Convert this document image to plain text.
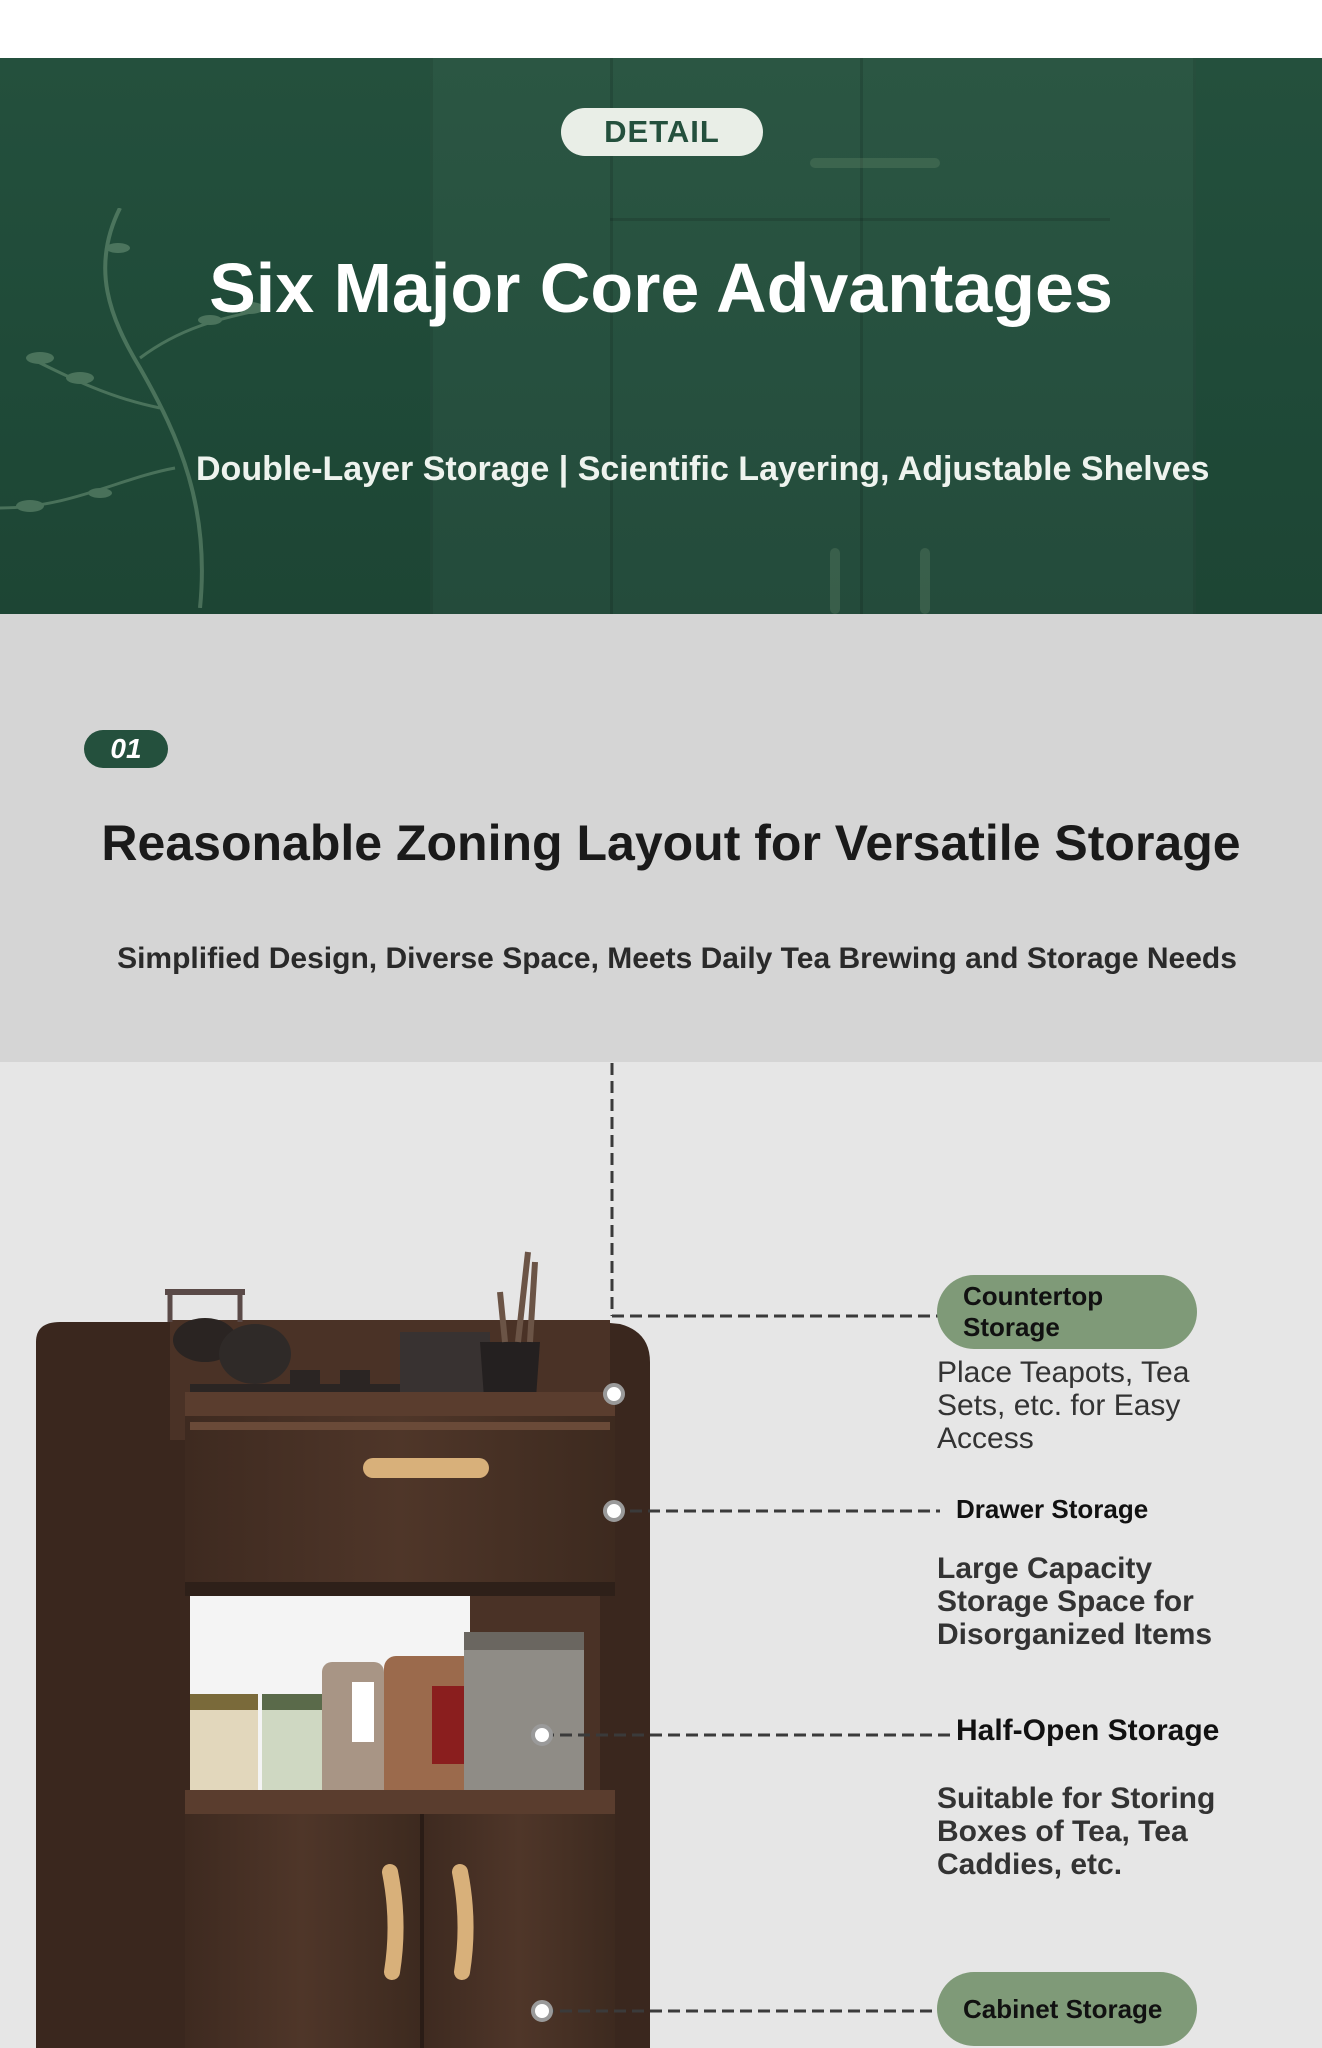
DETAIL
Six Major Core Advantages

Double-Layer Storage | Scientific Layering, Adjustable Shelves

01
Reasonable Zoning Layout for Versatile Storage

Simplified Design, Diverse Space, Meets Daily Tea Brewing and Storage Needs

Countertop Storage

Place Teapots, Tea Sets, etc. for Easy Access

Drawer Storage

Large Capacity Storage Space for Disorganized Items

Half-Open Storage

Suitable for Storing Boxes of Tea, Tea Caddies, etc.

Cabinet Storage
